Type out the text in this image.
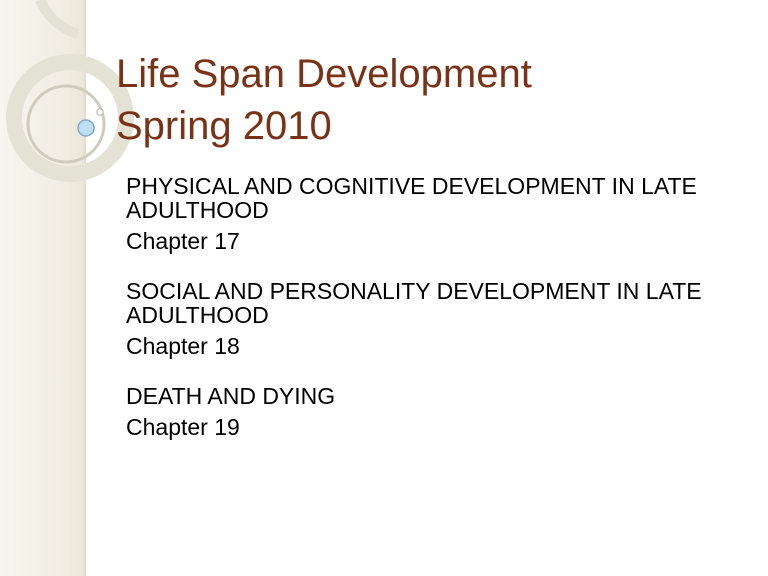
Life Span Development
Spring 2010
PHYSICAL AND COGNITIVE DEVELOPMENT IN LATE ADULTHOOD
Chapter 17
SOCIAL AND PERSONALITY DEVELOPMENT IN LATE ADULTHOOD
Chapter 18
DEATH AND DYING
Chapter 19
